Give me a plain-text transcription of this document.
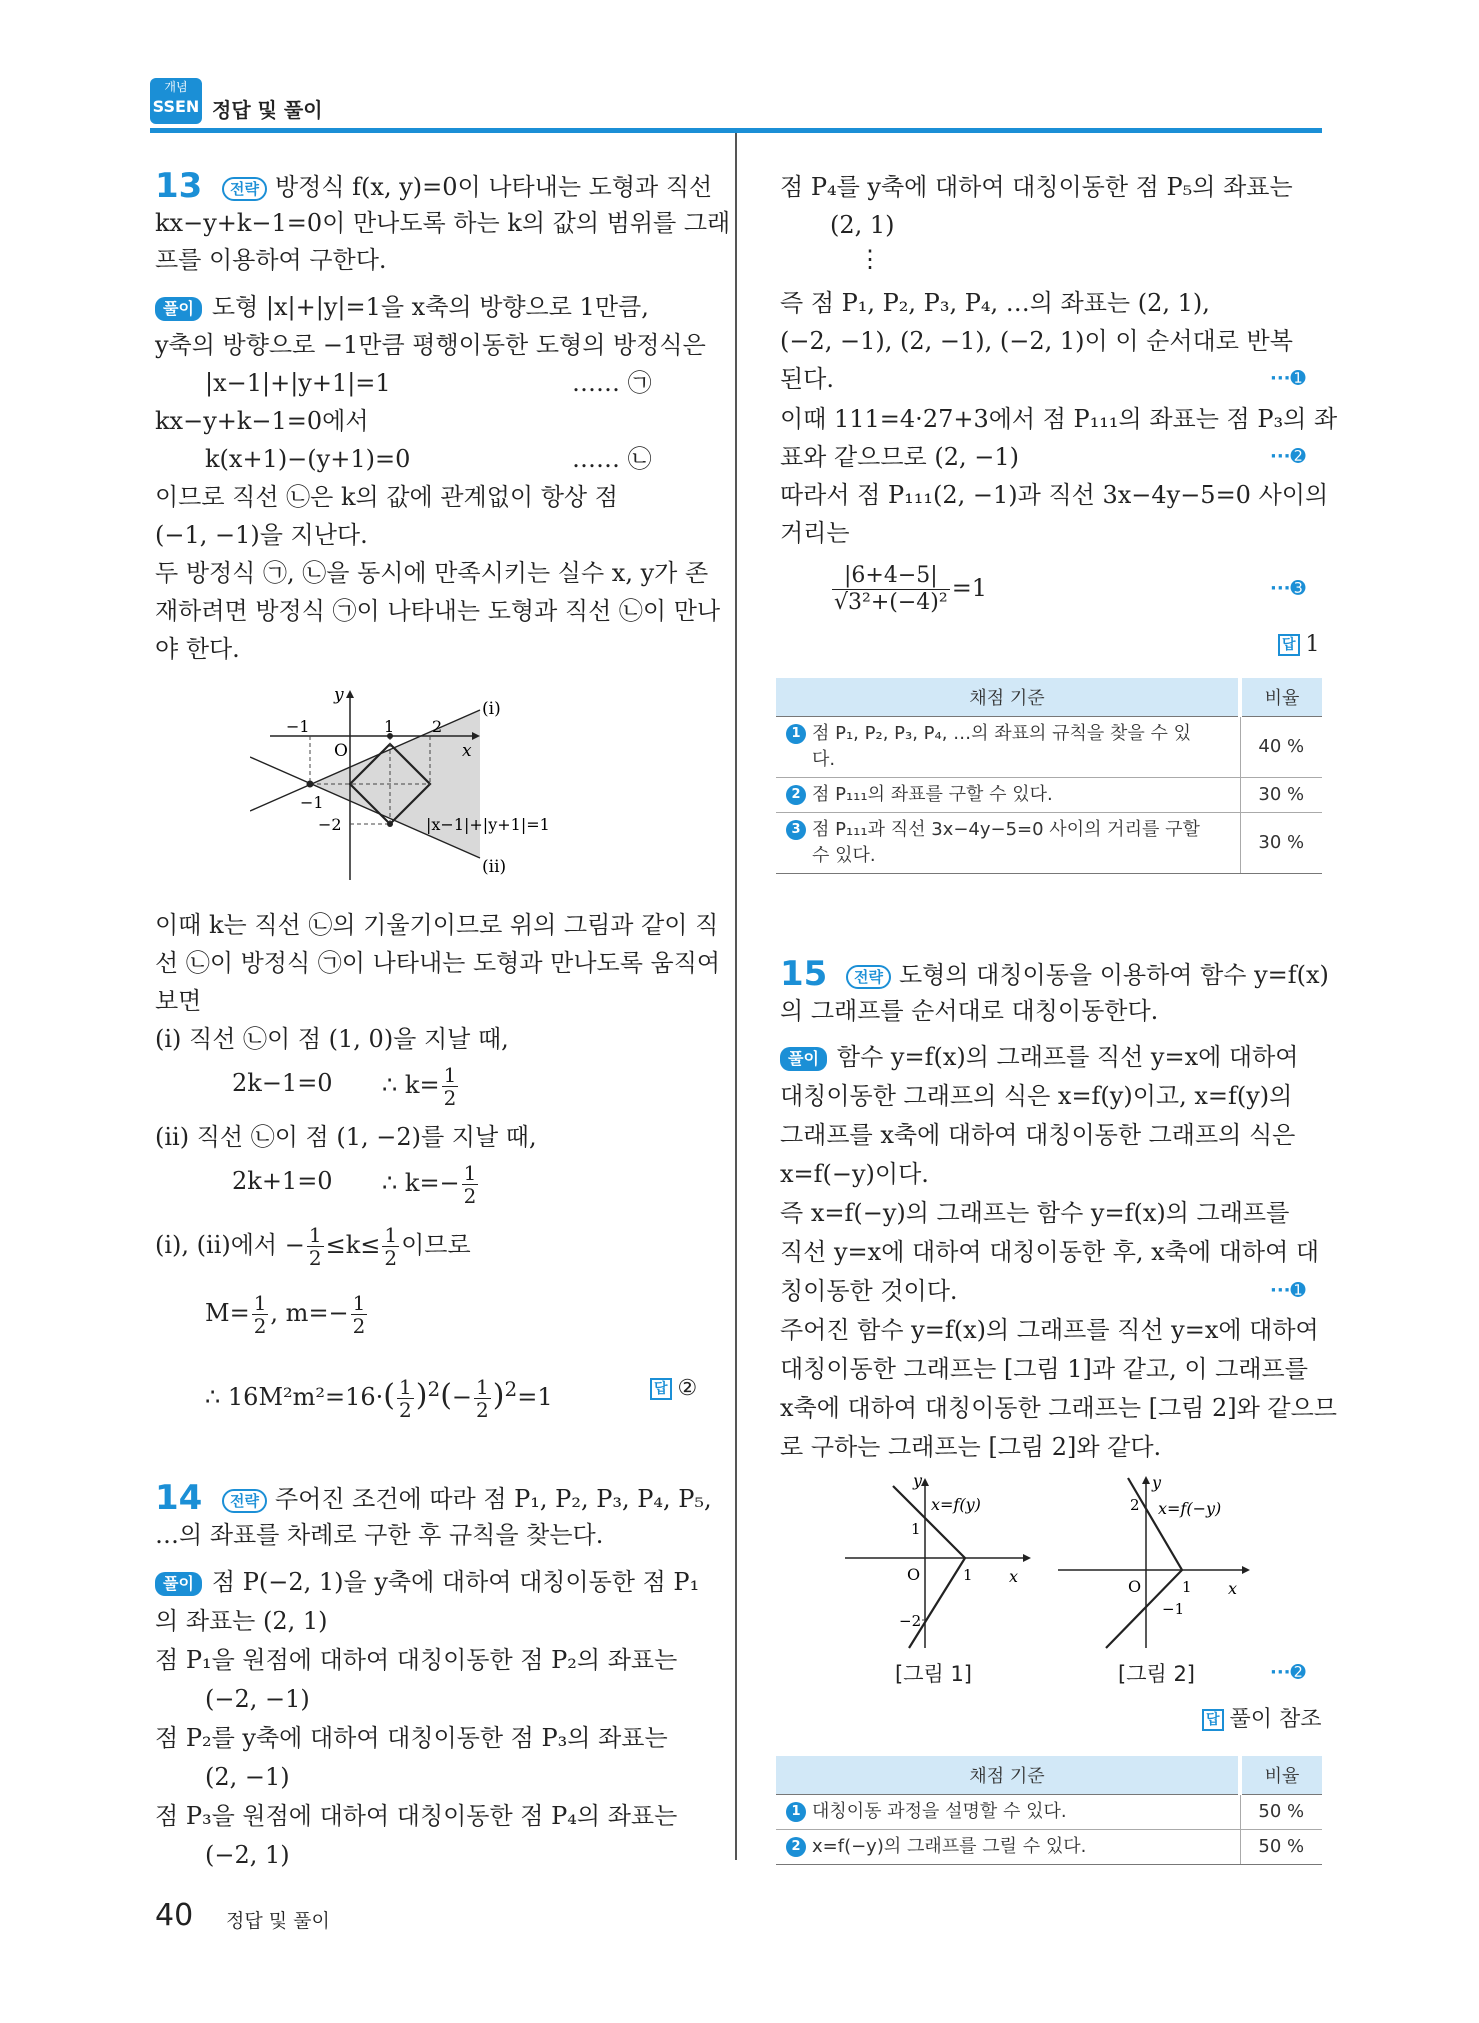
개념
SSEN 정답 및 풀이
13	전략 방정식 f(x, y)=0이 나타내는 도형과 직선
kx−y+k−1=0이 만나도록 하는 k의 값의 범위를 그래
프를 이용하여 구한다.
풀이 도형 |x|+|y|=1을 x축의 방향으로 1만큼,
y축의 방향으로 −1만큼 평행이동한 도형의 방정식은
|x−1|+|y+1|=1	…… ㉠
kx−y+k−1=0에서
k(x+1)−(y+1)=0	…… ㉡
이므로 직선 ㉡은 k의 값에 관계없이 항상 점
(−1, −1)을 지난다.
두 방정식 ㉠, ㉡을 동시에 만족시키는 실수 x, y가 존
재하려면 방정식 ㉠이 나타내는 도형과 직선 ㉡이 만나
야 한다.
y
x
O
−1	1 2
−1
−2
(i)
(ii)
|x−1|+|y+1|=1
이때 k는 직선 ㉡의 기울기이므로 위의 그림과 같이 직
선 ㉡이 방정식 ㉠이 나타내는 도형과 만나도록 움직여
보면
(i) 직선 ㉡이 점 (1, 0)을 지날 때,
2k−1=0 ∴ $k= \frac{1}{2}$
(ii) 직선 ㉡이 점 (1, −2)를 지날 때,
2k+1=0 ∴ $k=- \frac{1}{2}$
(i), (ii)에서 − $\frac{1}{2} \le k\le \frac{1}{2}$ 이므로
$M= \frac{1}{2}$ , $m=- \frac{1}{2}$
∴ $16M^2m^2=16\cdot( \frac{1}{2} )^2(- \frac{1}{2} )^2=1$	답 ②
14	전략 주어진 조건에 따라 점 P₁, P₂, P₃, P₄, P₅,
…의 좌표를 차례로 구한 후 규칙을 찾는다.
풀이 점 P(−2, 1)을 y축에 대하여 대칭이동한 점 P₁
의 좌표는 (2, 1)
점 P₁을 원점에 대하여 대칭이동한 점 P₂의 좌표는
(−2, −1)
점 P₂를 y축에 대하여 대칭이동한 점 P₃의 좌표는
(2, −1)
점 P₃을 원점에 대하여 대칭이동한 점 P₄의 좌표는
(−2, 1)
점 P₄를 y축에 대하여 대칭이동한 점 P₅의 좌표는
(2, 1)
⋮
즉 점 P₁, P₂, P₃, P₄, …의 좌표는 (2, 1),
(−2, −1), (2, −1), (−2, 1)이 이 순서대로 반복
된다.	···➊
이때 111=4·27+3에서 점 P₁₁₁의 좌표는 점 P₃의 좌
표와 같으므로 (2, −1)	···➋
따라서 점 P₁₁₁(2, −1)과 직선 3x−4y−5=0 사이의
거리는
$\frac{|6+4-5|}{\text{√3²+(−4)²}} =1$	···➌
답 1
채점 기준	비율
1 점 P₁, P₂, P₃, P₄, …의 좌표의 규칙을 찾을 수 있
다.	40 %
2 점 P₁₁₁의 좌표를 구할 수 있다.	30 %
3 점 P₁₁₁과 직선 3x−4y−5=0 사이의 거리를 구할
수 있다.	30 %
15	전략 도형의 대칭이동을 이용하여 함수 y=f(x)
의 그래프를 순서대로 대칭이동한다.
풀이 함수 y=f(x)의 그래프를 직선 y=x에 대하여
대칭이동한 그래프의 식은 x=f(y)이고, x=f(y)의
그래프를 x축에 대하여 대칭이동한 그래프의 식은
x=f(−y)이다.
즉 x=f(−y)의 그래프는 함수 y=f(x)의 그래프를
직선 y=x에 대하여 대칭이동한 후, x축에 대하여 대
칭이동한 것이다.	···➊
주어진 함수 y=f(x)의 그래프를 직선 y=x에 대하여
대칭이동한 그래프는 [그림 1]과 같고, 이 그래프를
x축에 대하여 대칭이동한 그래프는 [그림 2]와 같으므
로 구하는 그래프는 [그림 2]와 같다.
y
x
O
1
1
−2
x=f(y)
[그림 1]
y
x
O
2
1
−1
x=f(−y)
[그림 2]	···➋
답 풀이 참조
채점 기준	비율
1 대칭이동 과정을 설명할 수 있다.	50 %
2 x=f(−y)의 그래프를 그릴 수 있다.	50 %
40 정답 및 풀이
